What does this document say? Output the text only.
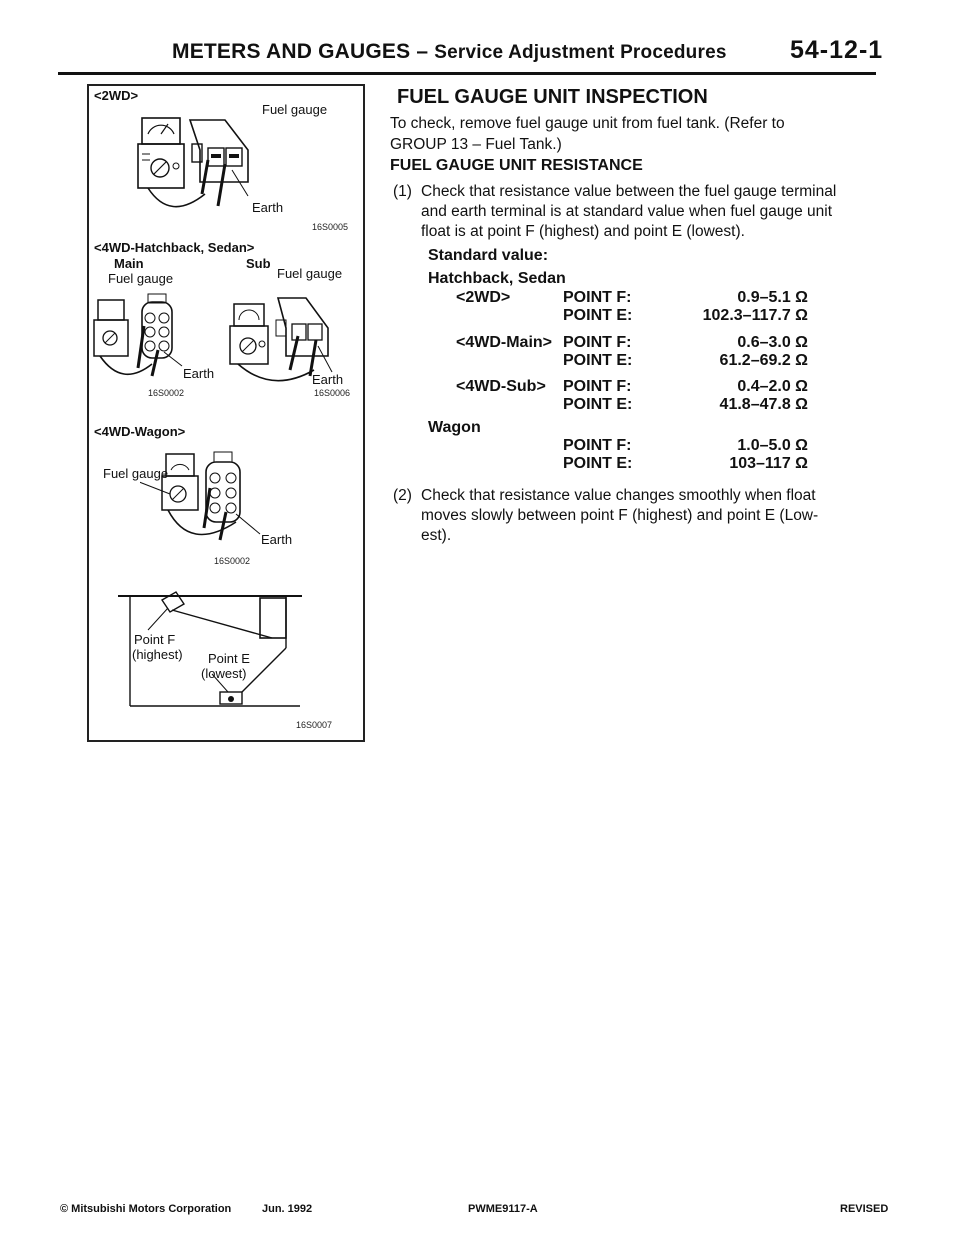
METERS AND GAUGES – Service Adjustment Procedures	54-12-1
<2WD>
Fuel gauge
Earth
16S0005
<4WD-Hatchback, Sedan>
Main	Sub
Fuel gauge	Fuel gauge
Earth	Earth
16S0002	16S0006
<4WD-Wagon>
Fuel gauge
Earth
16S0002
Point F
(highest) Point E
(lowest)
16S0007
FUEL GAUGE UNIT INSPECTION
To check, remove fuel gauge unit from fuel tank. (Refer to
GROUP 13 – Fuel Tank.)
FUEL GAUGE UNIT RESISTANCE
(1) Check that resistance value between the fuel gauge terminal
and earth terminal is at standard value when fuel gauge unit
float is at point F (highest) and point E (lowest).
Standard value:
Hatchback, Sedan
<2WD>	POINT F:	0.9–5.1 Ω
POINT E:	102.3–117.7 Ω
<4WD-Main> POINT F:	0.6–3.0 Ω
POINT E:	61.2–69.2 Ω
<4WD-Sub> POINT F:	0.4–2.0 Ω
POINT E:	41.8–47.8 Ω
Wagon
POINT F:	1.0–5.0 Ω
POINT E:	103–117 Ω
(2) Check that resistance value changes smoothly when float
moves slowly between point F (highest) and point E (Low-
est).
© Mitsubishi Motors Corporation	Jun. 1992	PWME9117-A	REVISED
